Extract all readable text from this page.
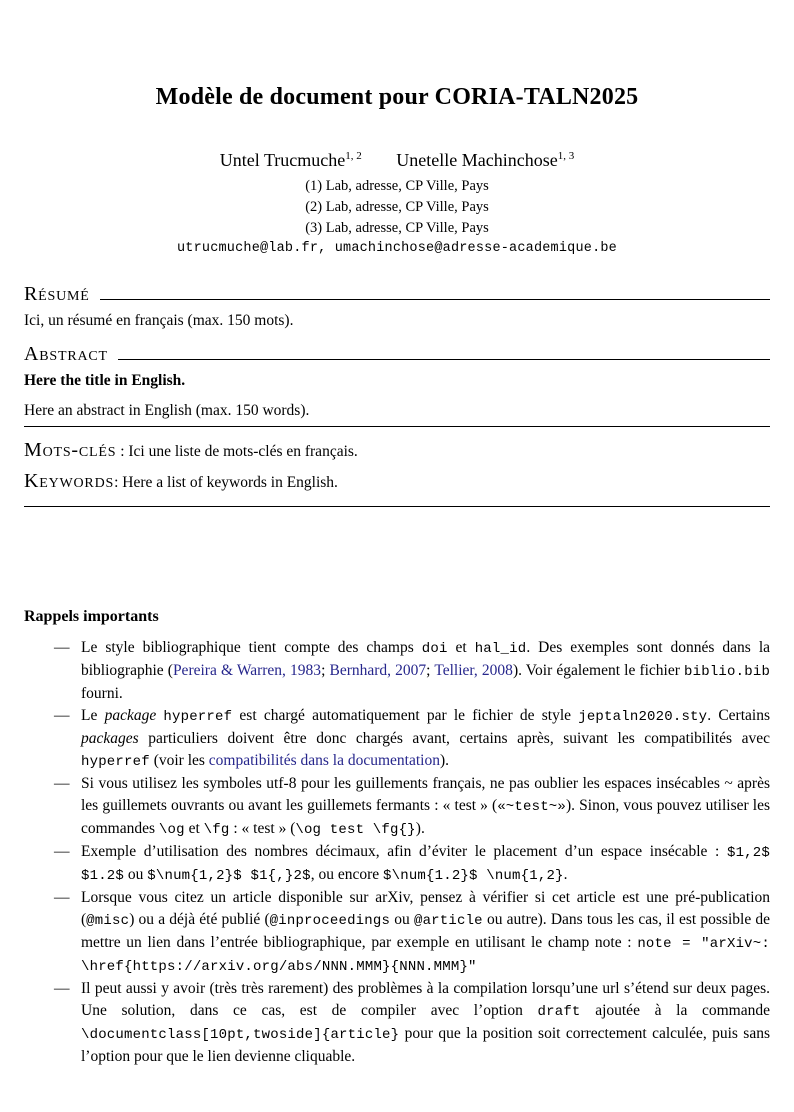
Modèle de document pour CORIA-TALN2025
Untel Trucmuche$^{1, 2}$ Unetelle Machinchose$^{1, 3}$
(1) Lab, adresse, CP Ville, Pays
(2) Lab, adresse, CP Ville, Pays
(3) Lab, adresse, CP Ville, Pays
utrucmuche@lab.fr, umachinchose@adresse-academique.be
Résumé
Ici, un résumé en français (max. 150 mots).
Abstract
Here the title in English.
Here an abstract in English (max. 150 words).
Mots-clés : Ici une liste de mots-clés en français.
Keywords: Here a list of keywords in English.
Rappels importants
— Le style bibliographique tient compte des champs doi et hal_id. Des exemples sont donnés dans la bibliographie (Pereira & Warren, 1983; Bernhard, 2007; Tellier, 2008). Voir également le fichier biblio.bib fourni.
— Le package hyperref est chargé automatiquement par le fichier de style jeptaln2020.sty. Certains packages particuliers doivent être donc chargés avant, certains après, suivant les compatibilités avec hyperref (voir les compatibilités dans la documentation).
— Si vous utilisez les symboles utf-8 pour les guillements français, ne pas oublier les espaces insécables ~ après les guillemets ouvrants ou avant les guillemets fermants : « test » («~test~»). Sinon, vous pouvez utiliser les commandes \og et \fg : « test » (\og test \fg{}).
— Exemple d’utilisation des nombres décimaux, afin d’éviter le placement d’un espace insécable : $1,2$ $1.2$ ou $\num{1,2}$ $1{,}2$, ou encore $\num{1.2}$ \num{1,2}.
— Lorsque vous citez un article disponible sur arXiv, pensez à vérifier si cet article est une pré-publication (@misc) ou a déjà été publié (@inproceedings ou @article ou autre). Dans tous les cas, il est possible de mettre un lien dans l’entrée bibliographique, par exemple en utilisant le champ note : note = "arXiv~: \href{https://arxiv.org/abs/NNN.MMM}{NNN.MMM}"
— Il peut aussi y avoir (très très rarement) des problèmes à la compilation lorsqu’une url s’étend sur deux pages. Une solution, dans ce cas, est de compiler avec l’option draft ajoutée à la commande \documentclass[10pt,twoside]{article} pour que la position soit correctement calculée, puis sans l’option pour que le lien devienne cliquable.
